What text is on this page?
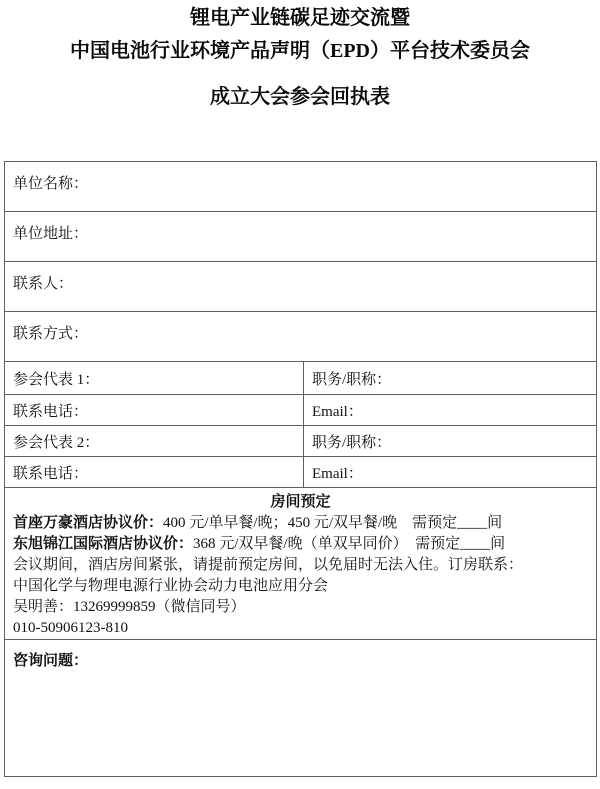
锂电产业链碳足迹交流暨
中国电池行业环境产品声明（EPD）平台技术委员会
成立大会参会回执表
单位名称：	
单位地址：	
联系人：	
联系方式：	
参会代表 1：	职务/职称：
联系电话：	Email：
参会代表 2：	职务/职称：
联系电话：	Email：

房间预定
首座万豪酒店协议价：400 元/单早餐/晚；450 元/双早餐/晚　需预定____间
东旭锦江国际酒店协议价：368 元/双早餐/晚（单双早同价）　需预定____间
会议期间，酒店房间紧张，请提前预定房间，以免届时无法入住。订房联系：
中国化学与物理电源行业协会动力电池应用分会
吴明善：13269999859（微信同号）
010-50906123-810

咨询问题：	
